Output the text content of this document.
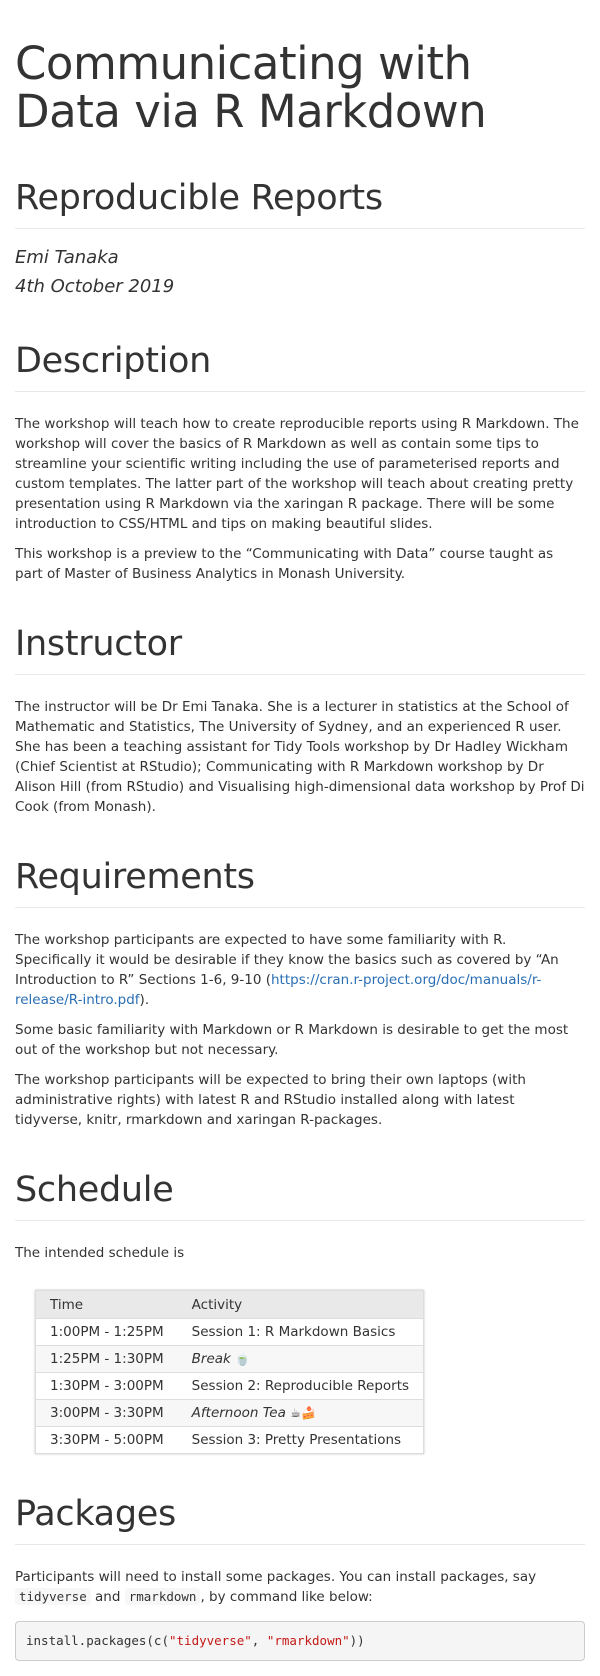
Communicating with Data via R Markdown
Reproducible Reports
Emi Tanaka
4th October 2019
Description

The workshop will teach how to create reproducible reports using R Markdown. The workshop will cover the basics of R Markdown as well as contain some tips to streamline your scientific writing including the use of parameterised reports and custom templates. The latter part of the workshop will teach about creating pretty presentation using R Markdown via the xaringan R package. There will be some introduction to CSS/HTML and tips on making beautiful slides.

This workshop is a preview to the “Communicating with Data” course taught as part of Master of Business Analytics in Monash University.

Instructor

The instructor will be Dr Emi Tanaka. She is a lecturer in statistics at the School of Mathematic and Statistics, The University of Sydney, and an experienced R user. She has been a teaching assistant for Tidy Tools workshop by Dr Hadley Wickham (Chief Scientist at RStudio); Communicating with R Markdown workshop by Dr Alison Hill (from RStudio) and Visualising high-dimensional data workshop by Prof Di Cook (from Monash).

Requirements

The workshop participants are expected to have some familiarity with R. Specifically it would be desirable if they know the basics such as covered by “An Introduction to R” Sections 1-6, 9-10 (https://cran.r-project.org/doc/manuals/r-release/R-intro.pdf).

Some basic familiarity with Markdown or R Markdown is desirable to get the most out of the workshop but not necessary.

The workshop participants will be expected to bring their own laptops (with administrative rights) with latest R and RStudio installed along with latest tidyverse, knitr, rmarkdown and xaringan R-packages.

Schedule

The intended schedule is

Time	Activity
1:00PM - 1:25PM	Session 1: R Markdown Basics
1:25PM - 1:30PM	Break 🍵
1:30PM - 3:00PM	Session 2: Reproducible Reports
3:00PM - 3:30PM	Afternoon Tea ☕🍰
3:30PM - 5:00PM	Session 3: Pretty Presentations
Packages

Participants will need to install some packages. You can install packages, say tidyverse and rmarkdown , by command like below:

install.packages(c("tidyverse", "rmarkdown"))
